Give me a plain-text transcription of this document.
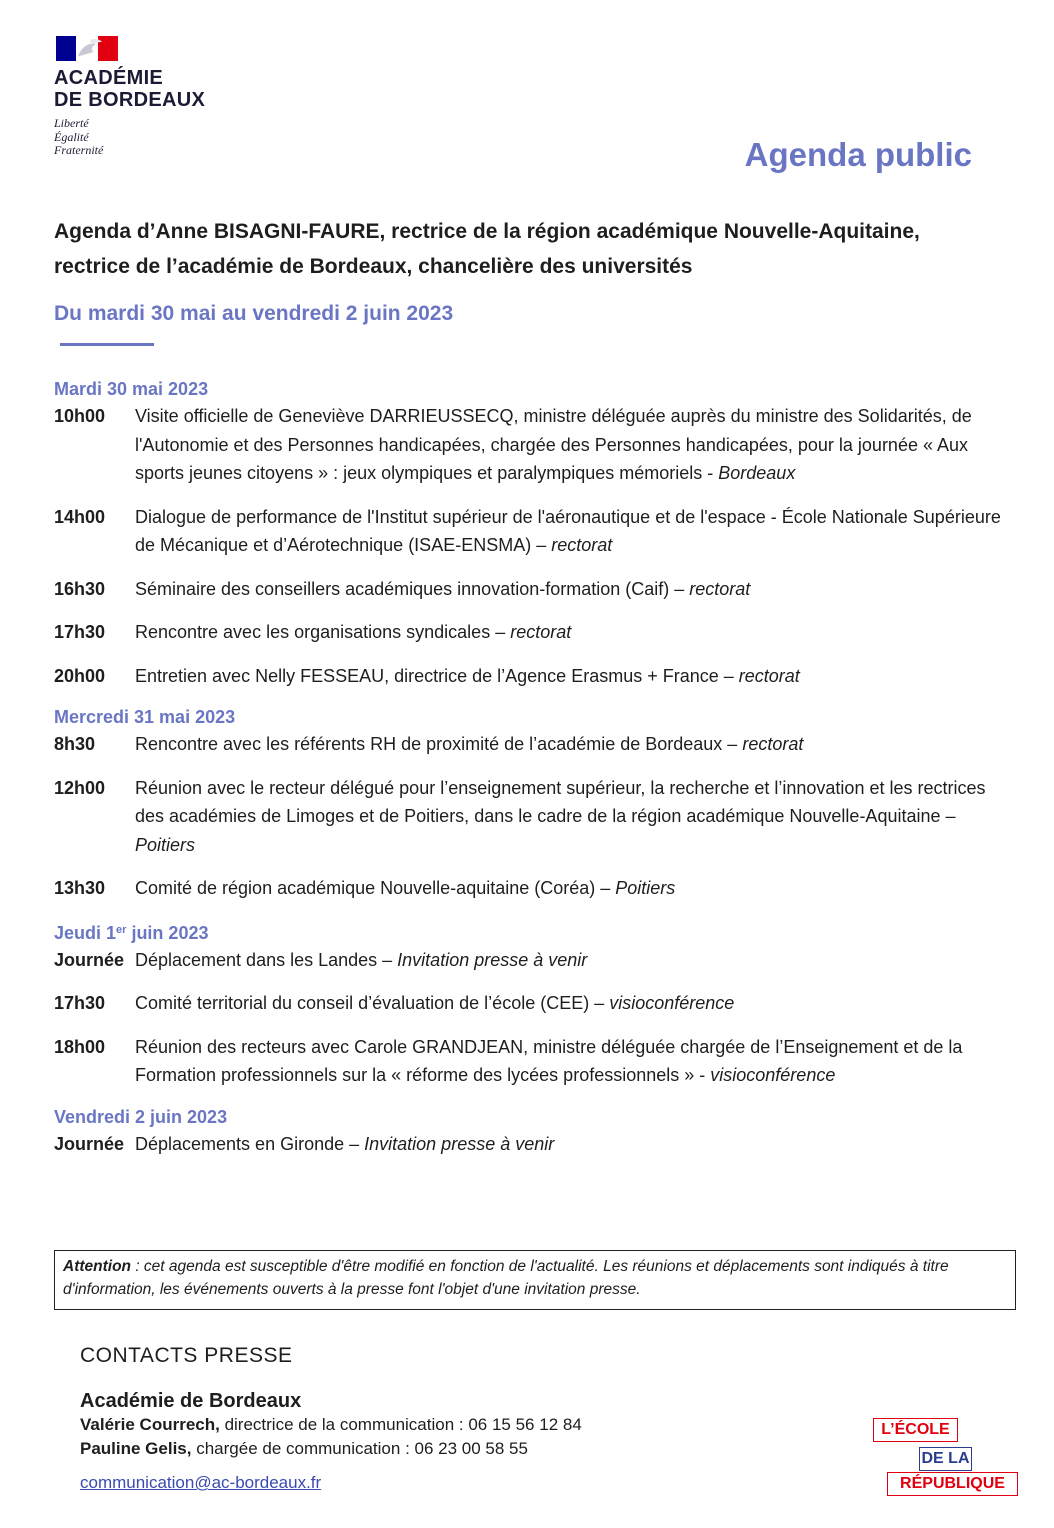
ACADÉMIE
DE BORDEAUX
Liberté
Égalité
Fraternité	Agenda public
Agenda d’Anne BISAGNI-FAURE, rectrice de la région académique Nouvelle-Aquitaine, rectrice de l’académie de Bordeaux, chancelière des universités
Du mardi 30 mai au vendredi 2 juin 2023
Mardi 30 mai 2023
10h00	Visite officielle de Geneviève DARRIEUSSECQ, ministre déléguée auprès du ministre des Solidarités, de l'Autonomie et des Personnes handicapées, chargée des Personnes handicapées, pour la journée « Aux sports jeunes citoyens » : jeux olympiques et paralympiques mémoriels - Bordeaux
14h00	Dialogue de performance de l'Institut supérieur de l'aéronautique et de l'espace - École Nationale Supérieure de Mécanique et d’Aérotechnique (ISAE-ENSMA) – rectorat
16h30	Séminaire des conseillers académiques innovation-formation (Caif) – rectorat
17h30	Rencontre avec les organisations syndicales – rectorat
20h00	Entretien avec Nelly FESSEAU, directrice de l’Agence Erasmus + France – rectorat
Mercredi 31 mai 2023
8h30	Rencontre avec les référents RH de proximité de l’académie de Bordeaux – rectorat
12h00	Réunion avec le recteur délégué pour l’enseignement supérieur, la recherche et l’innovation et les rectrices des académies de Limoges et de Poitiers, dans le cadre de la région académique Nouvelle-Aquitaine – Poitiers
13h30	Comité de région académique Nouvelle-aquitaine (Coréa) – Poitiers
Jeudi 1er juin 2023
Journée Déplacement dans les Landes – Invitation presse à venir
17h30	Comité territorial du conseil d’évaluation de l’école (CEE) – visioconférence
18h00	Réunion des recteurs avec Carole GRANDJEAN, ministre déléguée chargée de l’Enseignement et de la Formation professionnels sur la « réforme des lycées professionnels » - visioconférence
Vendredi 2 juin 2023
Journée Déplacements en Gironde – Invitation presse à venir
Attention : cet agenda est susceptible d'être modifié en fonction de l'actualité. Les réunions et déplacements sont indiqués à titre d'information, les événements ouverts à la presse font l'objet d'une invitation presse.
CONTACTS PRESSE
Académie de Bordeaux
Valérie Courrech, directrice de la communication : 06 15 56 12 84
Pauline Gelis, chargée de communication : 06 23 00 58 55
communication@ac-bordeaux.fr
L’ÉCOLE
DE LA
RÉPUBLIQUE
